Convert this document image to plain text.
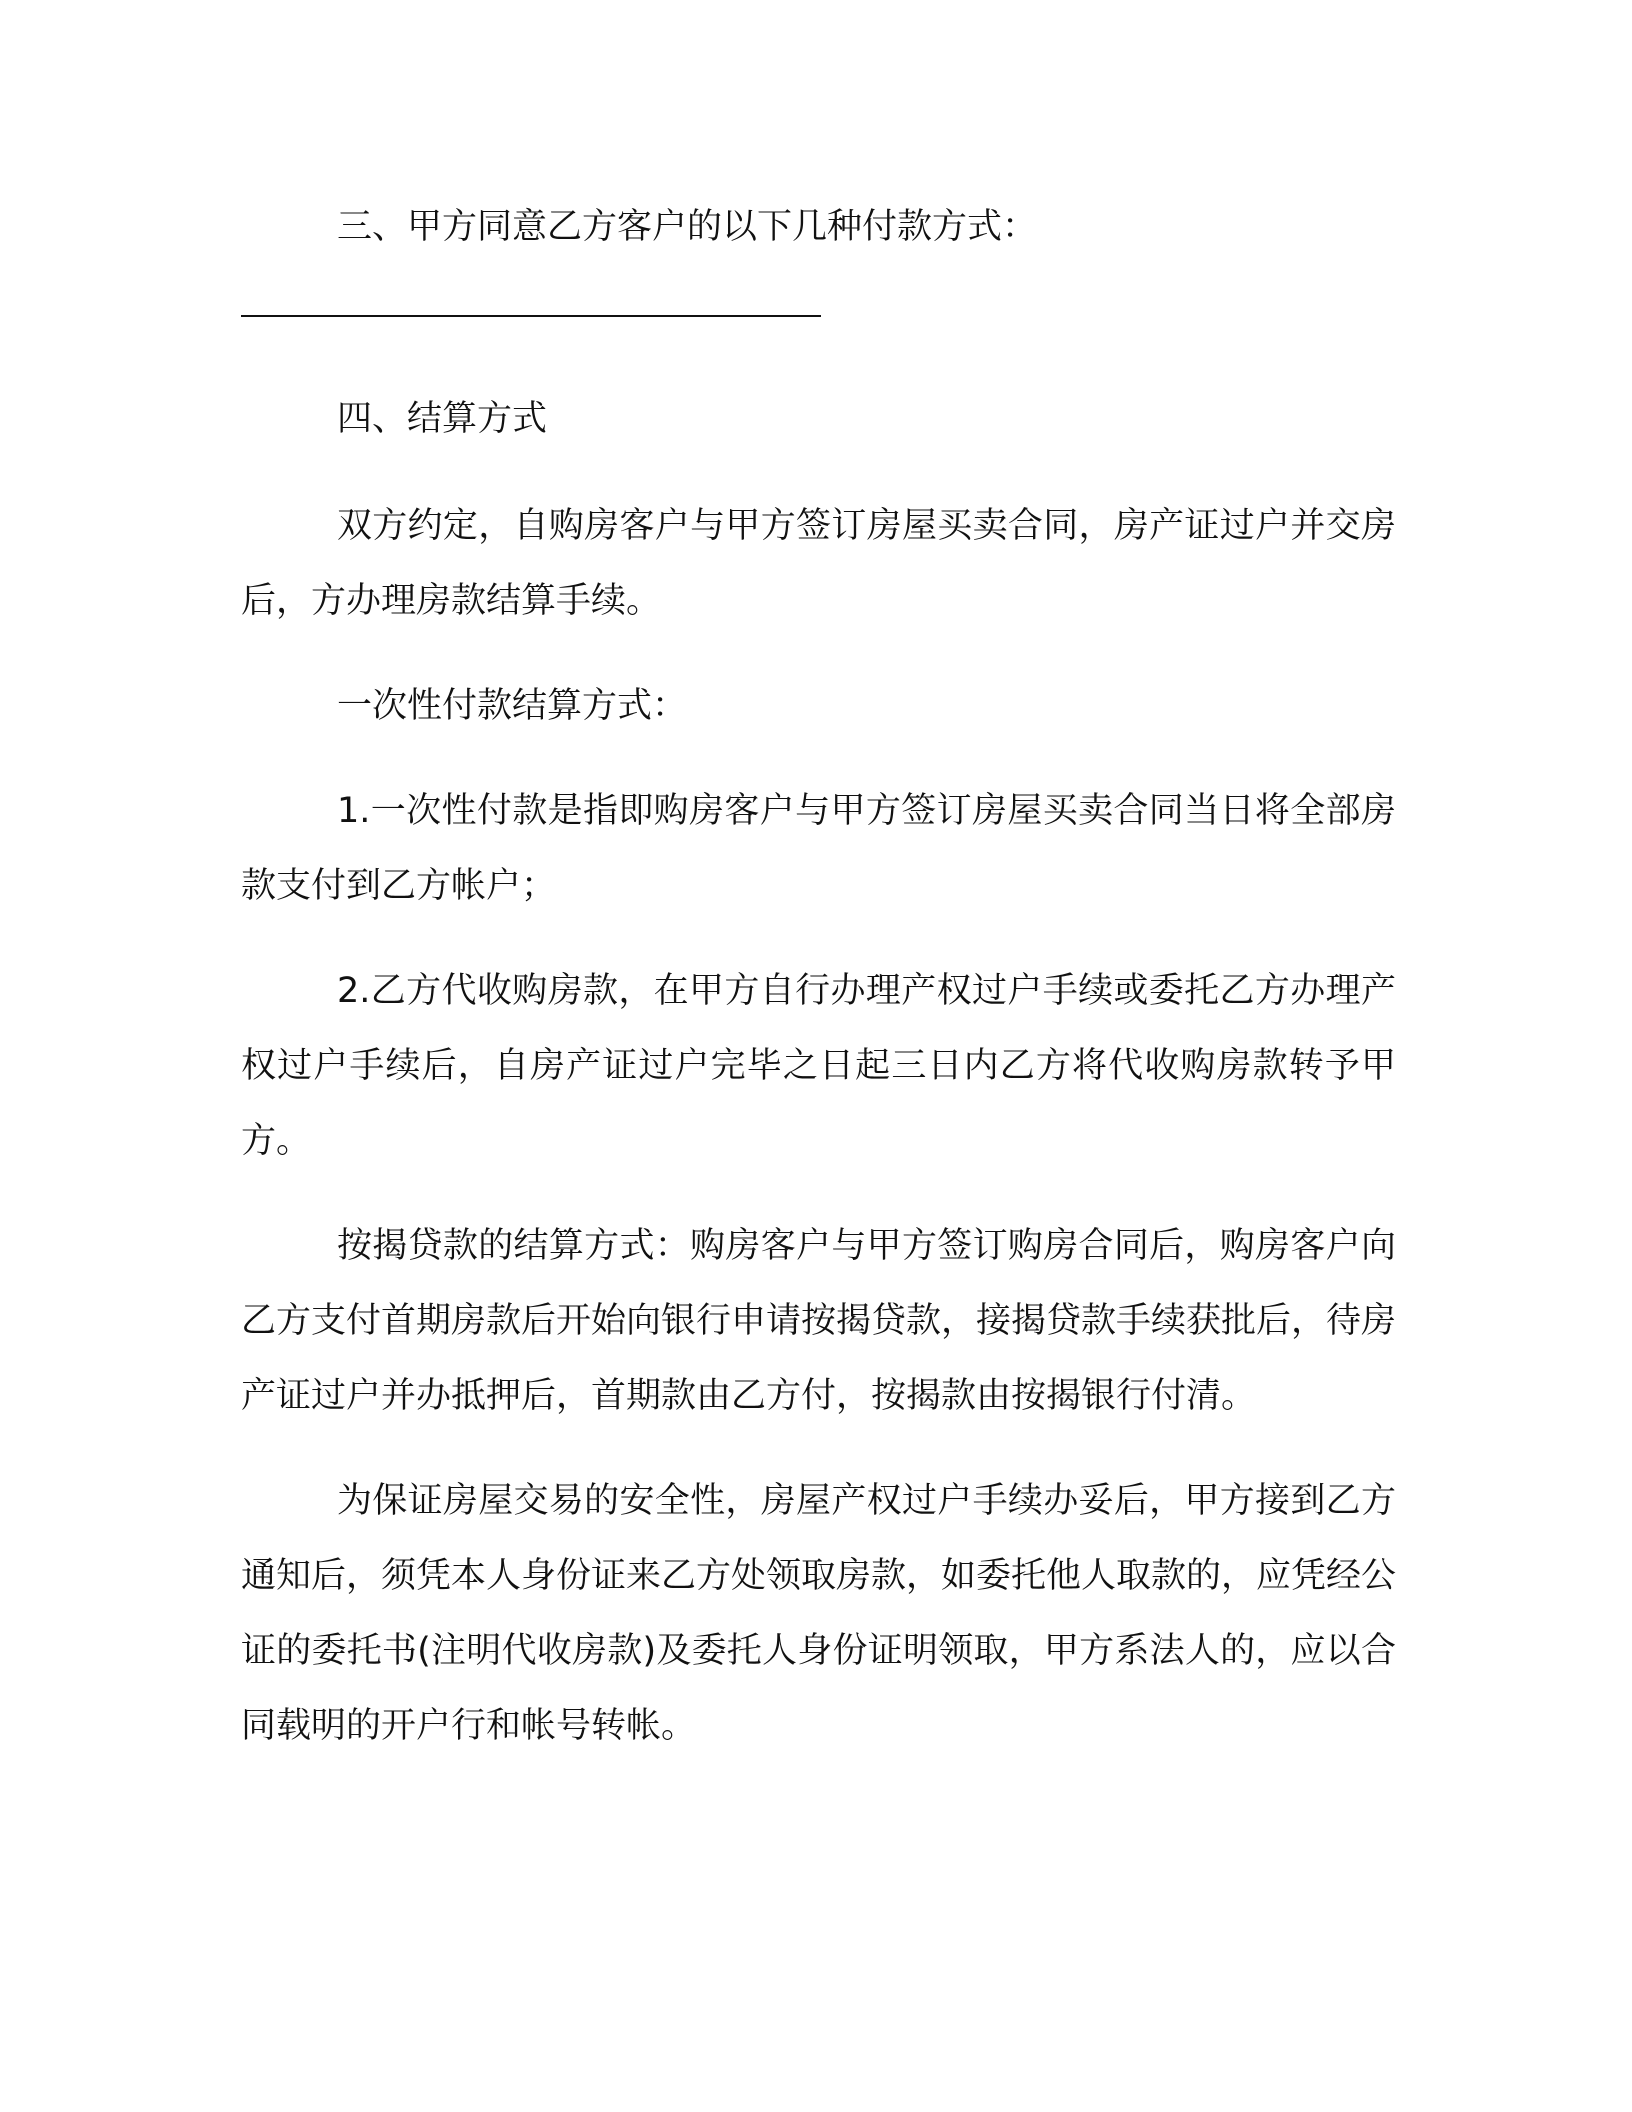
三、甲方同意乙方客户的以下几种付款方式：

四、结算方式

双方约定，自购房客户与甲方签订房屋买卖合同，房产证过户并交房后，方办理房款结算手续。

一次性付款结算方式：

1.一次性付款是指即购房客户与甲方签订房屋买卖合同当日将全部房款支付到乙方帐户；

2.乙方代收购房款，在甲方自行办理产权过户手续或委托乙方办理产权过户手续后，自房产证过户完毕之日起三日内乙方将代收购房款转予甲方。

按揭贷款的结算方式：购房客户与甲方签订购房合同后，购房客户向乙方支付首期房款后开始向银行申请按揭贷款，接揭贷款手续获批后，待房产证过户并办抵押后，首期款由乙方付，按揭款由按揭银行付清。

为保证房屋交易的安全性，房屋产权过户手续办妥后，甲方接到乙方通知后，须凭本人身份证来乙方处领取房款，如委托他人取款的，应凭经公证的委托书(注明代收房款)及委托人身份证明领取，甲方系法人的，应以合同载明的开户行和帐号转帐。
